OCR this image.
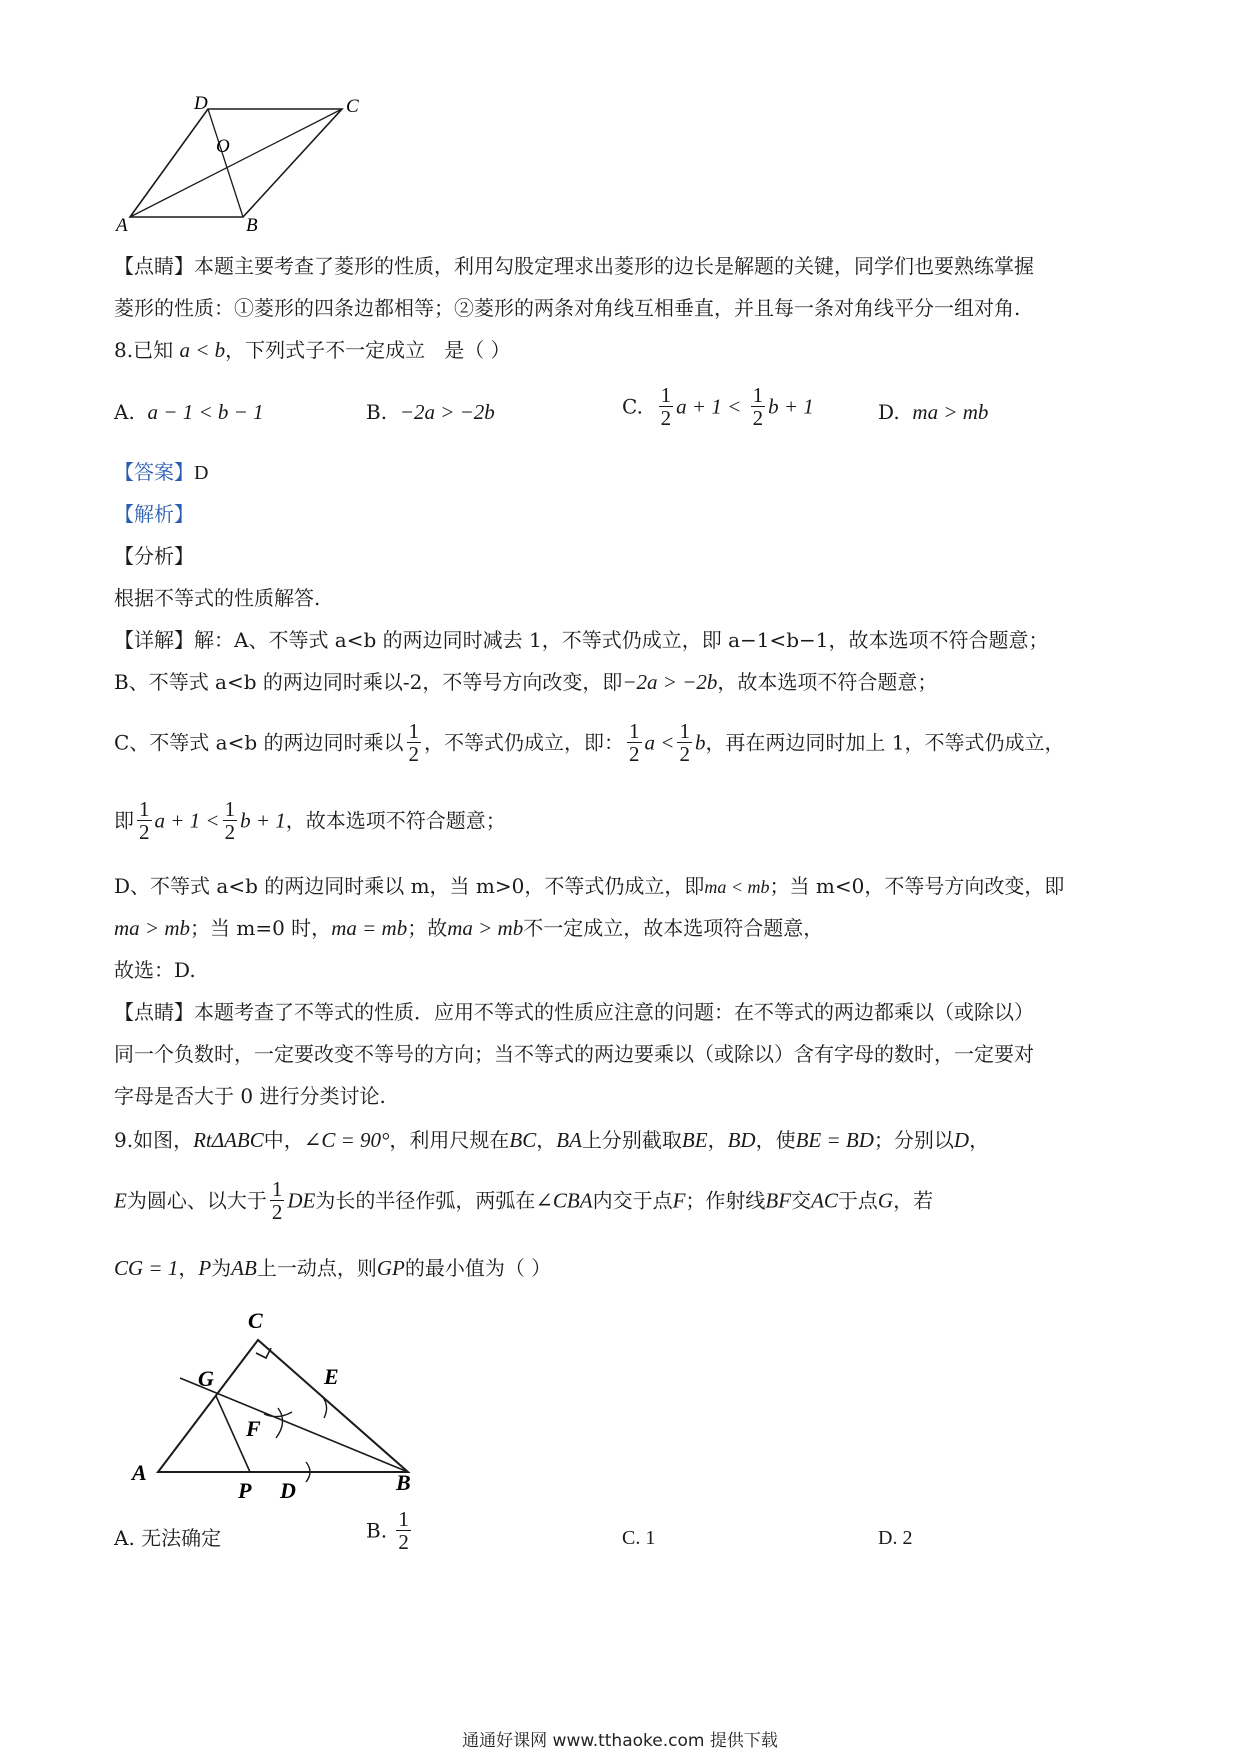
A	B
C
D
O
【点睛】本题主要考查了菱形的性质，利用勾股定理求出菱形的边长是解题的关键，同学们也要熟练掌握
菱形的性质：①菱形的四条边都相等；②菱形的两条对角线互相垂直，并且每一条对角线平分一组对角.
8.已知 a < b，下列式子不一定成立 是（ ）
A. a − 1 < b − 1	B. −2a > −2b	C. $\frac{1}{2}$ $a + 1 < \frac{1}{2}$ b + 1	D. ma > mb
【答案】D
【解析】
【分析】
根据不等式的性质解答.
【详解】解：A、不等式 a<b 的两边同时减去 1，不等式仍成立，即 a−1<b−1，故本选项不符合题意；
B、不等式 a<b 的两边同时乘以-2，不等号方向改变，即−2a > −2b，故本选项不符合题意；
C、不等式 a<b 的两边同时乘以 $\frac{1}{2}$ ，不等式仍成立，即： $\frac{1}{2}$ $a < \frac{1}{2}$ b，再在两边同时加上 1，不等式仍成立，
即 $\frac{1}{2}$ $a + 1 < \frac{1}{2}$ b + 1，故本选项不符合题意；
D、不等式 a<b 的两边同时乘以 m，当 m>0，不等式仍成立，即ma < mb；当 m<0，不等号方向改变，即
ma > mb；当 m=0 时，ma = mb；故ma > mb不一定成立，故本选项符合题意，
故选：D.
【点睛】本题考查了不等式的性质．应用不等式的性质应注意的问题：在不等式的两边都乘以（或除以）
同一个负数时，一定要改变不等号的方向；当不等式的两边要乘以（或除以）含有字母的数时，一定要对
字母是否大于 0 进行分类讨论.
9.如图，RtΔABC中，∠C = 90°，利用尺规在BC，BA上分别截取BE，BD，使BE = BD；分别以D，
E为圆心、以大于 $\frac{1}{2}$ DE为长的半径作弧，两弧在∠CBA内交于点F；作射线BF交AC于点G，若
CG = 1，P为AB上一动点，则GP的最小值为（ ）
C
G	E
F
A	B
P D
A. 无法确定	B. $\frac{1}{2}$	C. 1	D. 2
通通好课网 www.tthaoke.com 提供下载
